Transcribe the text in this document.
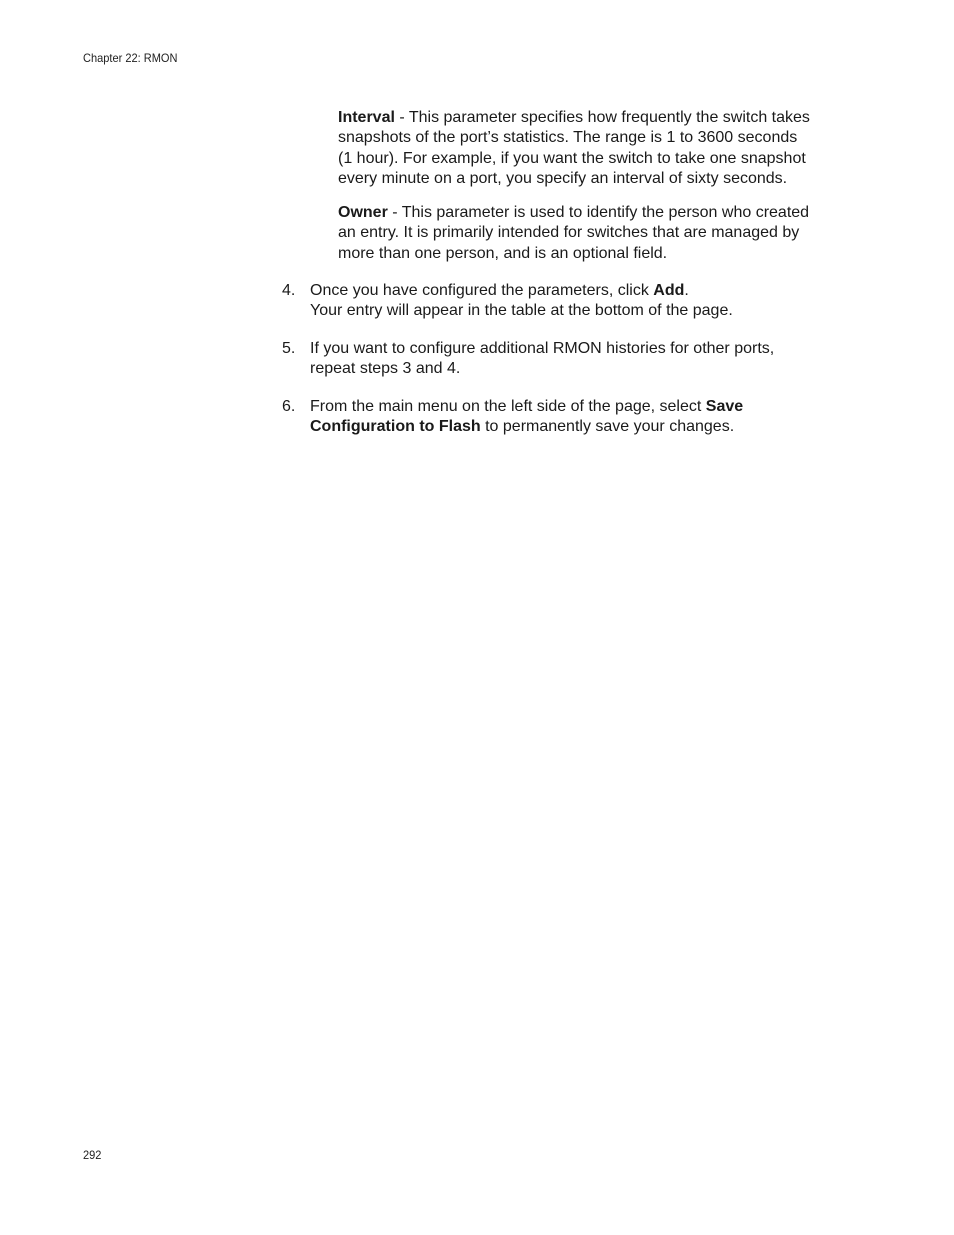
Chapter 22: RMON
Interval - This parameter specifies how frequently the switch takes
snapshots of the port’s statistics. The range is 1 to 3600 seconds
(1 hour). For example, if you want the switch to take one snapshot
every minute on a port, you specify an interval of sixty seconds.
Owner - This parameter is used to identify the person who created
an entry. It is primarily intended for switches that are managed by
more than one person, and is an optional field.
4. Once you have configured the parameters, click Add.
Your entry will appear in the table at the bottom of the page.
5. If you want to configure additional RMON histories for other ports,
repeat steps 3 and 4.
6. From the main menu on the left side of the page, select Save
Configuration to Flash to permanently save your changes.
292
